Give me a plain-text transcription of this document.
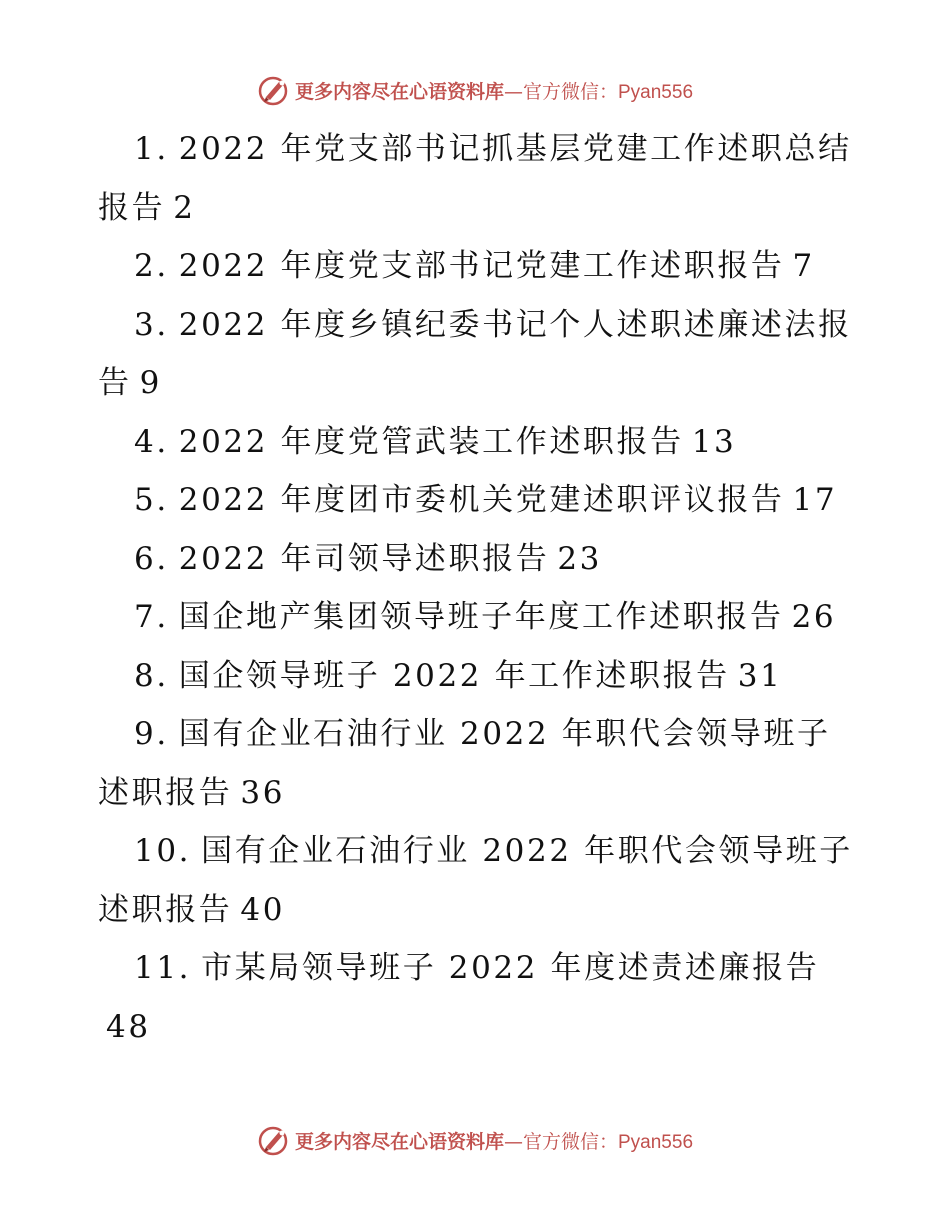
更多内容尽在心语资料库—官方微信：Pyan556

1. 2022 年党支部书记抓基层党建工作述职总结报告 2

2. 2022 年度党支部书记党建工作述职报告 7

3. 2022 年度乡镇纪委书记个人述职述廉述法报告 9

4. 2022 年度党管武装工作述职报告 13

5. 2022 年度团市委机关党建述职评议报告 17

6. 2022 年司领导述职报告 23

7. 国企地产集团领导班子年度工作述职报告 26

8. 国企领导班子 2022 年工作述职报告 31

9. 国有企业石油行业 2022 年职代会领导班子述职报告 36

10. 国有企业石油行业 2022 年职代会领导班子述职报告 40

11. 市某局领导班子 2022 年度述责述廉报告48

更多内容尽在心语资料库—官方微信：Pyan556
